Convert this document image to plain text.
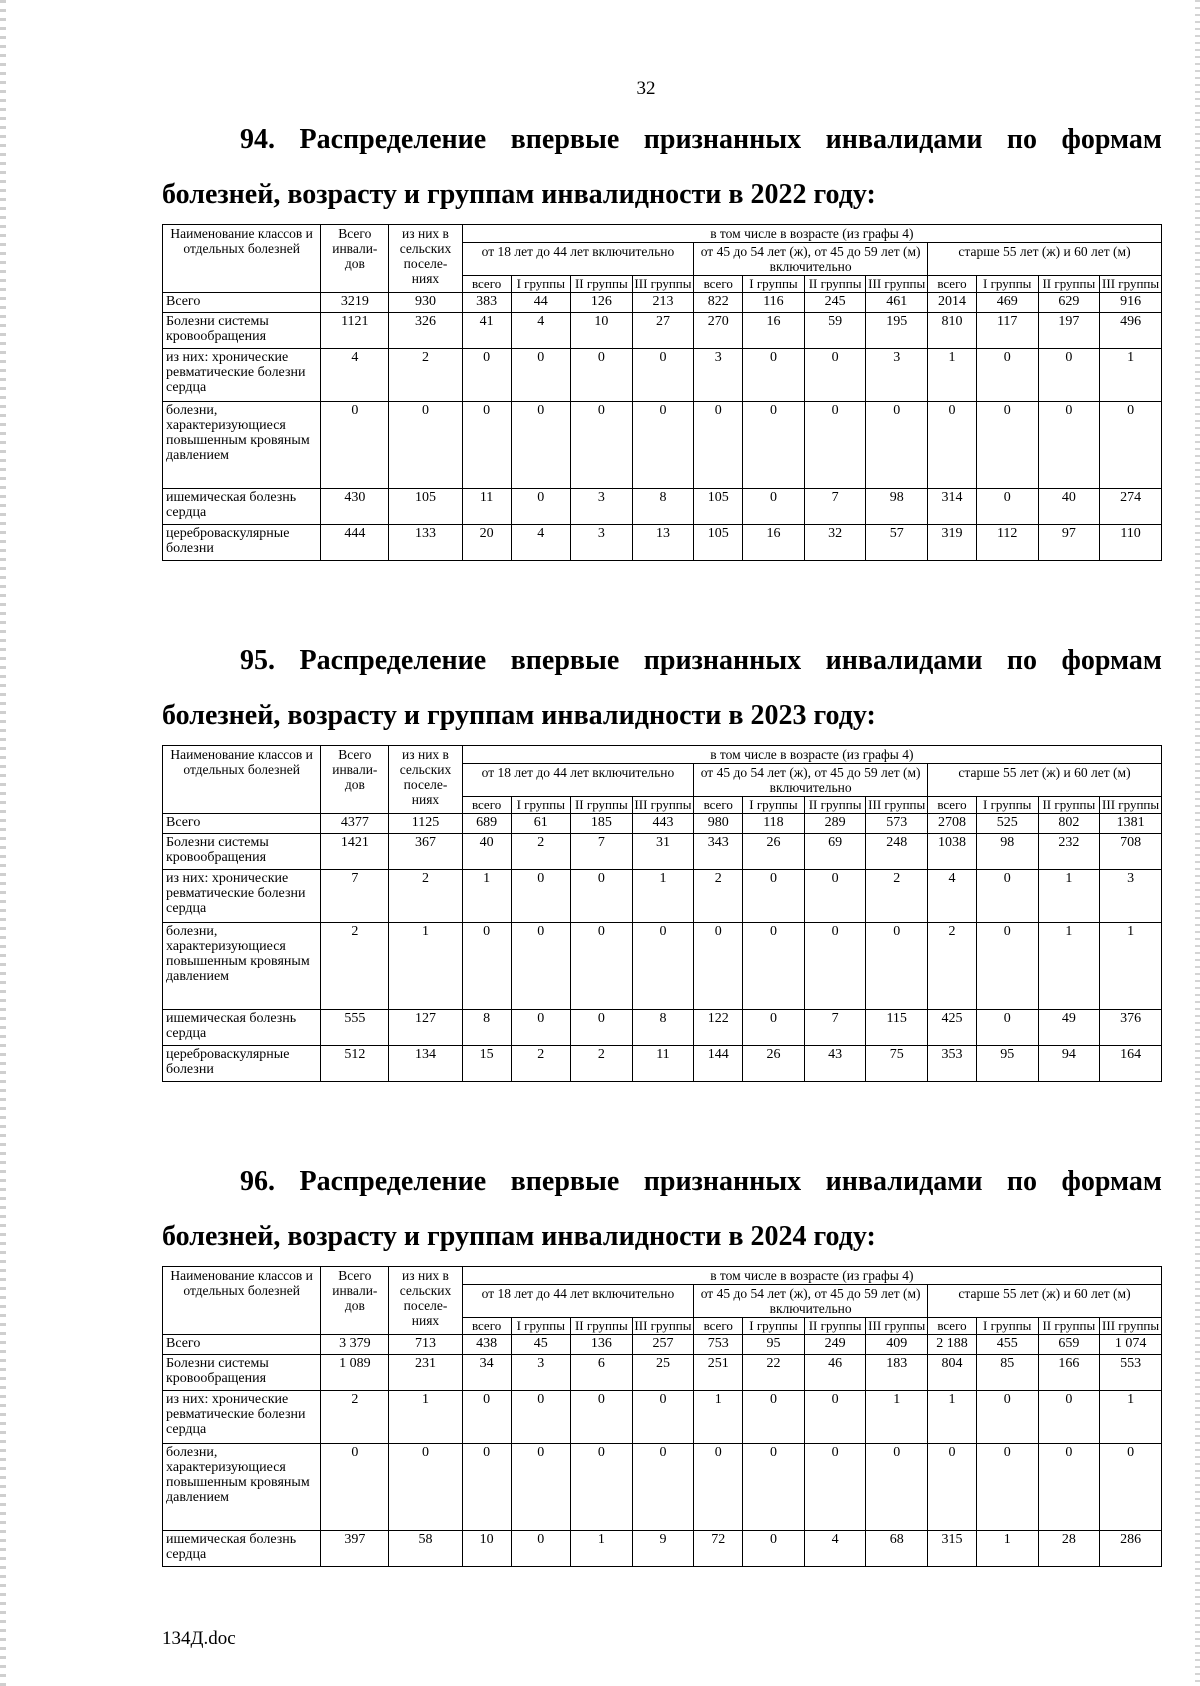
32
94. Распределение впервые признанных инвалидами по формам
болезней, возрасту и группам инвалидности в 2022 году:
Наименование классов и отдельных болезней	Всего инвали-дов	из них в сельских поселе-ниях	в том числе в возрасте (из графы 4)											
			от 18 лет до 44 лет включительно				от 45 до 54 лет (ж), от 45 до 59 лет (м) включительно				старше 55 лет (ж) и 60 лет (м)			
			всего	I группы	II группы	III группы	всего	I группы	II группы	III группы	всего	I группы	II группы	III группы
Всего	3219	930	383	44	126	213	822	116	245	461	2014	469	629	916
Болезни системы кровообращения	1121	326	41	4	10	27	270	16	59	195	810	117	197	496
из них: хронические ревматические болезни сердца	4	2	0	0	0	0	3	0	0	3	1	0	0	1
болезни, характеризующиеся повышенным кровяным давлением	0	0	0	0	0	0	0	0	0	0	0	0	0	0
ишемическая болезнь сердца	430	105	11	0	3	8	105	0	7	98	314	0	40	274
цереброваскулярные болезни	444	133	20	4	3	13	105	16	32	57	319	112	97	110
95. Распределение впервые признанных инвалидами по формам
болезней, возрасту и группам инвалидности в 2023 году:
Наименование классов и отдельных болезней	Всего инвали-дов	из них в сельских поселе-ниях	в том числе в возрасте (из графы 4)											
			от 18 лет до 44 лет включительно				от 45 до 54 лет (ж), от 45 до 59 лет (м) включительно				старше 55 лет (ж) и 60 лет (м)			
			всего	I группы	II группы	III группы	всего	I группы	II группы	III группы	всего	I группы	II группы	III группы
Всего	4377	1125	689	61	185	443	980	118	289	573	2708	525	802	1381
Болезни системы кровообращения	1421	367	40	2	7	31	343	26	69	248	1038	98	232	708
из них: хронические ревматические болезни сердца	7	2	1	0	0	1	2	0	0	2	4	0	1	3
болезни, характеризующиеся повышенным кровяным давлением	2	1	0	0	0	0	0	0	0	0	2	0	1	1
ишемическая болезнь сердца	555	127	8	0	0	8	122	0	7	115	425	0	49	376
цереброваскулярные болезни	512	134	15	2	2	11	144	26	43	75	353	95	94	164
96. Распределение впервые признанных инвалидами по формам
болезней, возрасту и группам инвалидности в 2024 году:
Наименование классов и отдельных болезней	Всего инвали-дов	из них в сельских поселе-ниях	в том числе в возрасте (из графы 4)											
			от 18 лет до 44 лет включительно				от 45 до 54 лет (ж), от 45 до 59 лет (м) включительно				старше 55 лет (ж) и 60 лет (м)			
			всего	I группы	II группы	III группы	всего	I группы	II группы	III группы	всего	I группы	II группы	III группы
Всего	3 379	713	438	45	136	257	753	95	249	409	2 188	455	659	1 074
Болезни системы кровообращения	1 089	231	34	3	6	25	251	22	46	183	804	85	166	553
из них: хронические ревматические болезни сердца	2	1	0	0	0	0	1	0	0	1	1	0	0	1
болезни, характеризующиеся повышенным кровяным давлением	0	0	0	0	0	0	0	0	0	0	0	0	0	0
ишемическая болезнь сердца	397	58	10	0	1	9	72	0	4	68	315	1	28	286
134Д.doc
